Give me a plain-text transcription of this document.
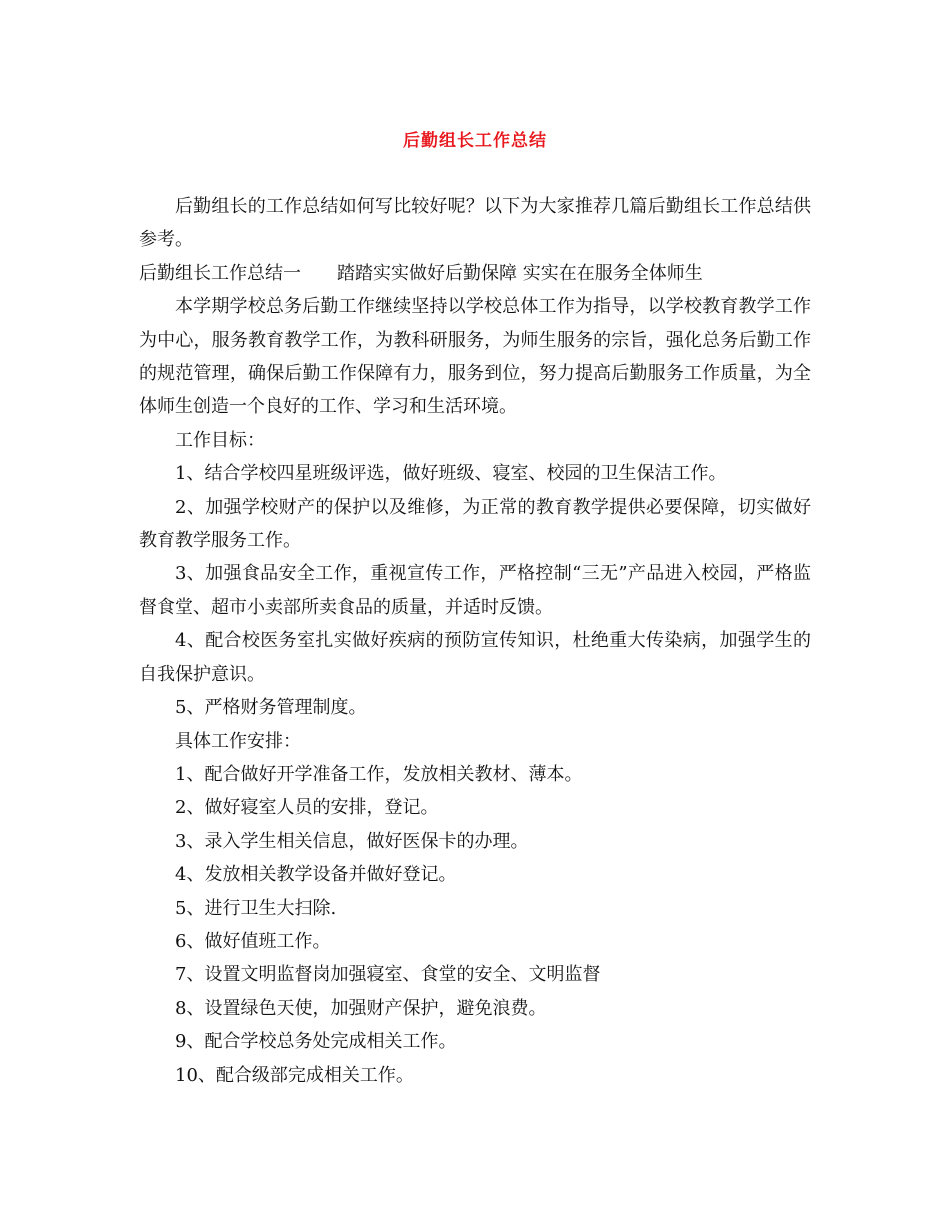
后勤组长工作总结

后勤组长的工作总结如何写比较好呢？以下为大家推荐几篇后勤组长工作总结供参考。

后勤组长工作总结一　　踏踏实实做好后勤保障 实实在在服务全体师生

本学期学校总务后勤工作继续坚持以学校总体工作为指导，以学校教育教学工作为中心，服务教育教学工作，为教科研服务，为师生服务的宗旨，强化总务后勤工作的规范管理，确保后勤工作保障有力，服务到位，努力提高后勤服务工作质量，为全体师生创造一个良好的工作、学习和生活环境。

工作目标：

1、结合学校四星班级评选，做好班级、寝室、校园的卫生保洁工作。

2、加强学校财产的保护以及维修，为正常的教育教学提供必要保障，切实做好教育教学服务工作。

3、加强食品安全工作，重视宣传工作，严格控制“三无”产品进入校园，严格监督食堂、超市小卖部所卖食品的质量，并适时反馈。

4、配合校医务室扎实做好疾病的预防宣传知识，杜绝重大传染病，加强学生的自我保护意识。

5、严格财务管理制度。

具体工作安排：

1、配合做好开学准备工作，发放相关教材、薄本。

2、做好寝室人员的安排，登记。

3、录入学生相关信息，做好医保卡的办理。

4、发放相关教学设备并做好登记。

5、进行卫生大扫除.

6、做好值班工作。

7、设置文明监督岗加强寝室、食堂的安全、文明监督

8、设置绿色天使，加强财产保护，避免浪费。

9、配合学校总务处完成相关工作。

10、配合级部完成相关工作。
